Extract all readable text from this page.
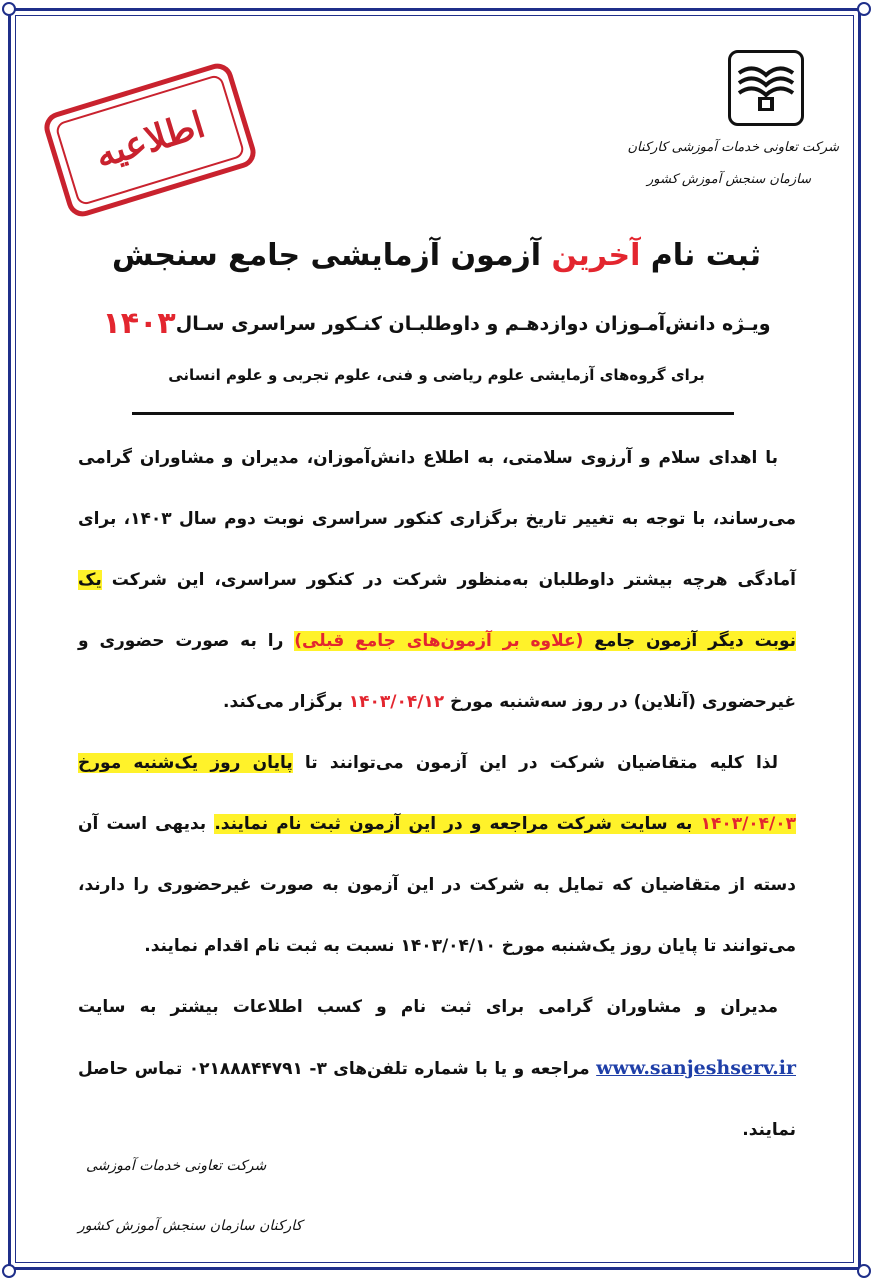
اطلاعیه	شرکت تعاونی خدمات آموزشی کارکنان
سازمان سنجش آموزش کشور
ثبت نام آخرین آزمون آزمایشی جامع سنجش
ویـژه دانش‌آمـوزان دوازدهـم و داوطلبـان کنـکور سراسری سـال۱۴۰۳
برای گروه‌های آزمایشی علوم ریاضی و فنی، علوم تجربی و علوم انسانی
با اهدای سلام و آرزوی سلامتی، به اطلاع دانش‌آموزان، مدیران و مشاوران گرامی می‌رساند، با توجه به تغییر تاریخ برگزاری کنکور سراسری نوبت دوم سال ۱۴۰۳، برای آمادگی هرچه بیشتر داوطلبان به‌منظور شرکت در کنکور سراسری، این شرکت یک نوبت دیگر آزمون جامع (علاوه بر آزمون‌های جامع قبلی) را به صورت حضوری و غیرحضوری (آنلاین) در روز سه‌شنبه مورخ ۱۴۰۳/۰۴/۱۲ برگزار می‌کند.
لذا کلیه متقاضیان شرکت در این آزمون می‌توانند تا پایان روز یک‌شنبه مورخ ۱۴۰۳/۰۴/۰۳ به سایت شرکت مراجعه و در این آزمون ثبت نام نمایند. بدیهی است آن دسته از متقاضیان که تمایل به شرکت در این آزمون به صورت غیرحضوری را دارند، می‌توانند تا پایان روز یک‌شنبه مورخ ۱۴۰۳/۰۴/۱۰ نسبت به ثبت نام اقدام نمایند.
مدیران و مشاوران گرامی برای ثبت نام و کسب اطلاعات بیشتر به سایت www.sanjeshserv.ir مراجعه و یا با شماره تلفن‌های ۳- ۰۲۱۸۸۸۴۴۷۹۱ تماس حاصل نمایند.
شرکت تعاونی خدمات آموزشی
کارکنان سازمان سنجش آموزش کشور
